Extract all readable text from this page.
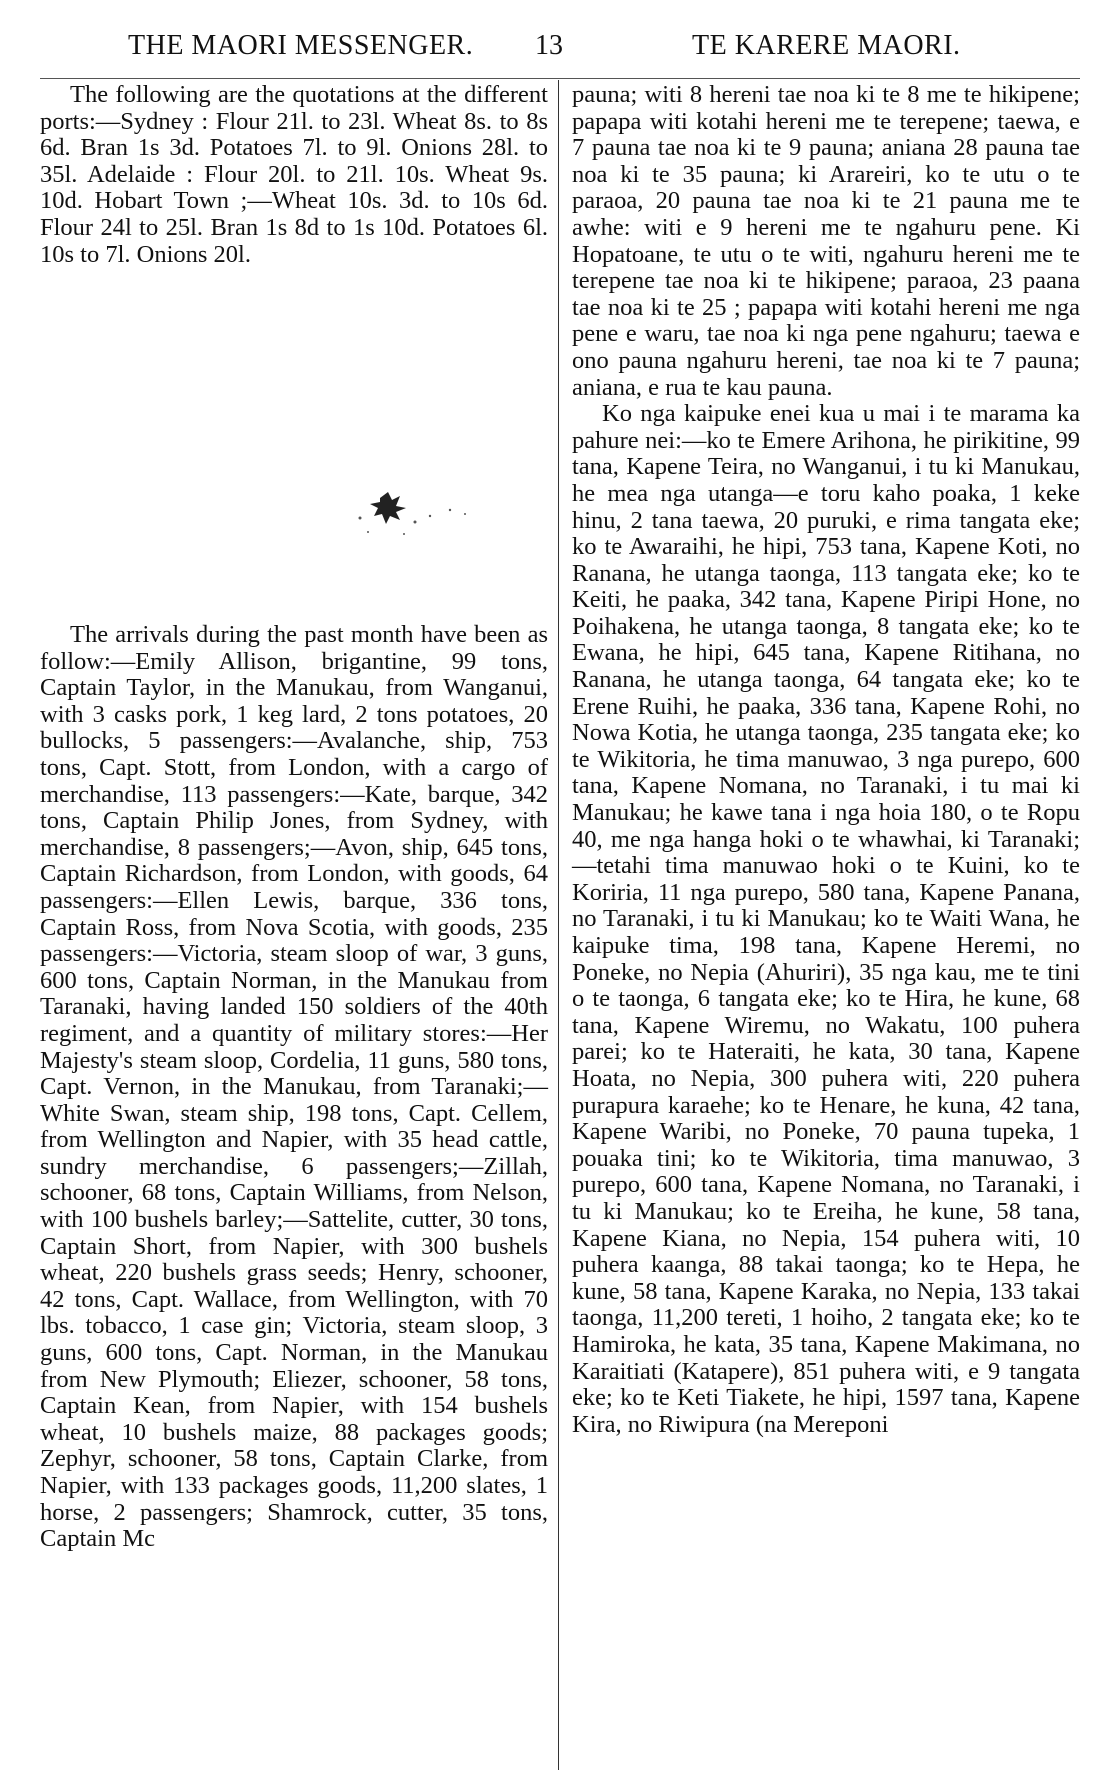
THE MAORI MESSENGER. 13	TE KARERE MAORI.

The following are the quotations at the different ports:—Sydney : Flour 21l. to 23l. Wheat 8s. to 8s 6d. Bran 1s 3d. Potatoes 7l. to 9l. Onions 28l. to 35l. Adelaide : Flour 20l. to 21l. 10s. Wheat 9s. 10d. Hobart Town ;—Wheat 10s. 3d. to 10s 6d. Flour 24l to 25l. Bran 1s 8d to 1s 10d. Potatoes 6l. 10s to 7l. Onions 20l.

The arrivals during the past month have been as follow:—Emily Allison, brigantine, 99 tons, Captain Taylor, in the Manukau, from Wanganui, with 3 casks pork, 1 keg lard, 2 tons potatoes, 20 bullocks, 5 passengers:—Avalanche, ship, 753 tons, Capt. Stott, from London, with a cargo of merchandise, 113 passengers:—Kate, barque, 342 tons, Captain Philip Jones, from Sydney, with merchandise, 8 passengers;—Avon, ship, 645 tons, Captain Richardson, from London, with goods, 64 passengers:—Ellen Lewis, barque, 336 tons, Captain Ross, from Nova Scotia, with goods, 235 passengers:—Victoria, steam sloop of war, 3 guns, 600 tons, Captain Norman, in the Manukau from Taranaki, having landed 150 soldiers of the 40th regiment, and a quantity of military stores:—Her Majesty's steam sloop, Cordelia, 11 guns, 580 tons, Capt. Vernon, in the Manukau, from Taranaki;—White Swan, steam ship, 198 tons, Capt. Cellem, from Wellington and Napier, with 35 head cattle, sundry merchandise, 6 passengers;—Zillah, schooner, 68 tons, Captain Williams, from Nelson, with 100 bushels barley;—Sattelite, cutter, 30 tons, Captain Short, from Napier, with 300 bushels wheat, 220 bushels grass seeds; Henry, schooner, 42 tons, Capt. Wallace, from Wellington, with 70 lbs. tobacco, 1 case gin; Victoria, steam sloop, 3 guns, 600 tons, Capt. Norman, in the Manukau from New Plymouth; Eliezer, schooner, 58 tons, Captain Kean, from Napier, with 154 bushels wheat, 10 bushels maize, 88 packages goods; Zephyr, schooner, 58 tons, Captain Clarke, from Napier, with 133 packages goods, 11,200 slates, 1 horse, 2 passengers; Shamrock, cutter, 35 tons, Captain Mc

pauna; witi 8 hereni tae noa ki te 8 me te hikipene; papapa witi kotahi hereni me te terepene; taewa, e 7 pauna tae noa ki te 9 pauna; aniana 28 pauna tae noa ki te 35 pauna; ki Arareiri, ko te utu o te paraoa, 20 pauna tae noa ki te 21 pauna me te awhe: witi e 9 hereni me te ngahuru pene. Ki Hopatoane, te utu o te witi, ngahuru hereni me te terepene tae noa ki te hikipene; paraoa, 23 paana tae noa ki te 25 ; papapa witi kotahi hereni me nga pene e waru, tae noa ki nga pene ngahuru; taewa e ono pauna ngahuru hereni, tae noa ki te 7 pauna; aniana, e rua te kau pauna.

Ko nga kaipuke enei kua u mai i te marama ka pahure nei:—ko te Emere Arihona, he pirikitine, 99 tana, Kapene Teira, no Wanganui, i tu ki Manukau, he mea nga utanga—e toru kaho poaka, 1 keke hinu, 2 tana taewa, 20 puruki, e rima tangata eke; ko te Awaraihi, he hipi, 753 tana, Kapene Koti, no Ranana, he utanga taonga, 113 tangata eke; ko te Keiti, he paaka, 342 tana, Kapene Piripi Hone, no Poihakena, he utanga taonga, 8 tangata eke; ko te Ewana, he hipi, 645 tana, Kapene Ritihana, no Ranana, he utanga taonga, 64 tangata eke; ko te Erene Ruihi, he paaka, 336 tana, Kapene Rohi, no Nowa Kotia, he utanga taonga, 235 tangata eke; ko te Wikitoria, he tima manuwao, 3 nga purepo, 600 tana, Kapene Nomana, no Taranaki, i tu mai ki Manukau; he kawe tana i nga hoia 180, o te Ropu 40, me nga hanga hoki o te whawhai, ki Taranaki;—tetahi tima manuwao hoki o te Kuini, ko te Koriria, 11 nga purepo, 580 tana, Kapene Panana, no Taranaki, i tu ki Manukau; ko te Waiti Wana, he kaipuke tima, 198 tana, Kapene Heremi, no Poneke, no Nepia (Ahuriri), 35 nga kau, me te tini o te taonga, 6 tangata eke; ko te Hira, he kune, 68 tana, Kapene Wiremu, no Wakatu, 100 puhera parei; ko te Hateraiti, he kata, 30 tana, Kapene Hoata, no Nepia, 300 puhera witi, 220 puhera purapura karaehe; ko te Henare, he kuna, 42 tana, Kapene Waribi, no Poneke, 70 pauna tupeka, 1 pouaka tini; ko te Wikitoria, tima manuwao, 3 purepo, 600 tana, Kapene Nomana, no Taranaki, i tu ki Manukau; ko te Ereiha, he kune, 58 tana, Kapene Kiana, no Nepia, 154 puhera witi, 10 puhera kaanga, 88 takai taonga; ko te Hepa, he kune, 58 tana, Kapene Karaka, no Nepia, 133 takai taonga, 11,200 tereti, 1 hoiho, 2 tangata eke; ko te Hamiroka, he kata, 35 tana, Kapene Makimana, no Karaitiati (Katapere), 851 puhera witi, e 9 tangata eke; ko te Keti Tiakete, he hipi, 1597 tana, Kapene Kira, no Riwipura (na Mereponi
